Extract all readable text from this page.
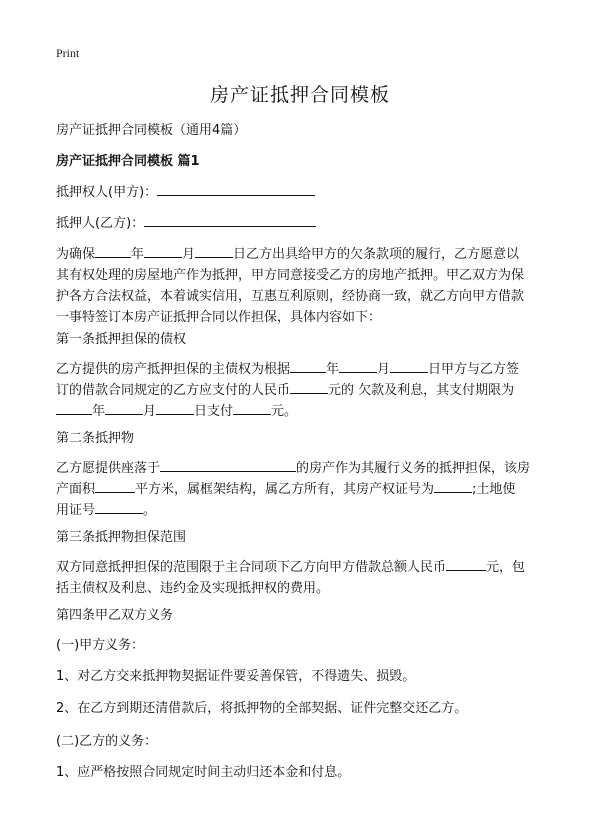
Print
房产证抵押合同模板
房产证抵押合同模板（通用4篇）
房产证抵押合同模板 篇1
抵押权人(甲方)：
抵押人(乙方)：

为确保	年	月	日乙方出具给甲方的欠条款项的履行，乙方愿意以

其有权处理的房屋地产作为抵押，甲方同意接受乙方的房地产抵押。甲乙双方为保

护各方合法权益，本着诚实信用，互惠互利原则，经协商一致，就乙方向甲方借款

一事特签订本房产证抵押合同以作担保，具体内容如下：

第一条抵押担保的债权

乙方提供的房产抵押担保的主债权为根据	年	月	日甲方与乙方签

订的借款合同规定的乙方应支付的人民币	元的 欠款及利息，其支付期限为

年	月	日支付	元。

第二条抵押物

乙方愿提供座落于	的房产作为其履行义务的抵押担保，该房

产面积	平方米，属框架结构，属乙方所有，其房产权证号为	;土地使

用证号	。

第三条抵押物担保范围

双方同意抵押担保的范围限于主合同项下乙方向甲方借款总额人民币	元，包

括主债权及利息、违约金及实现抵押权的费用。

第四条甲乙双方义务
(一)甲方义务：
1、对乙方交来抵押物契据证件要妥善保管，不得遗失、损毁。
2、在乙方到期还清借款后，将抵押物的全部契据、证件完整交还乙方。
(二)乙方的义务：
1、应严格按照合同规定时间主动归还本金和付息。
